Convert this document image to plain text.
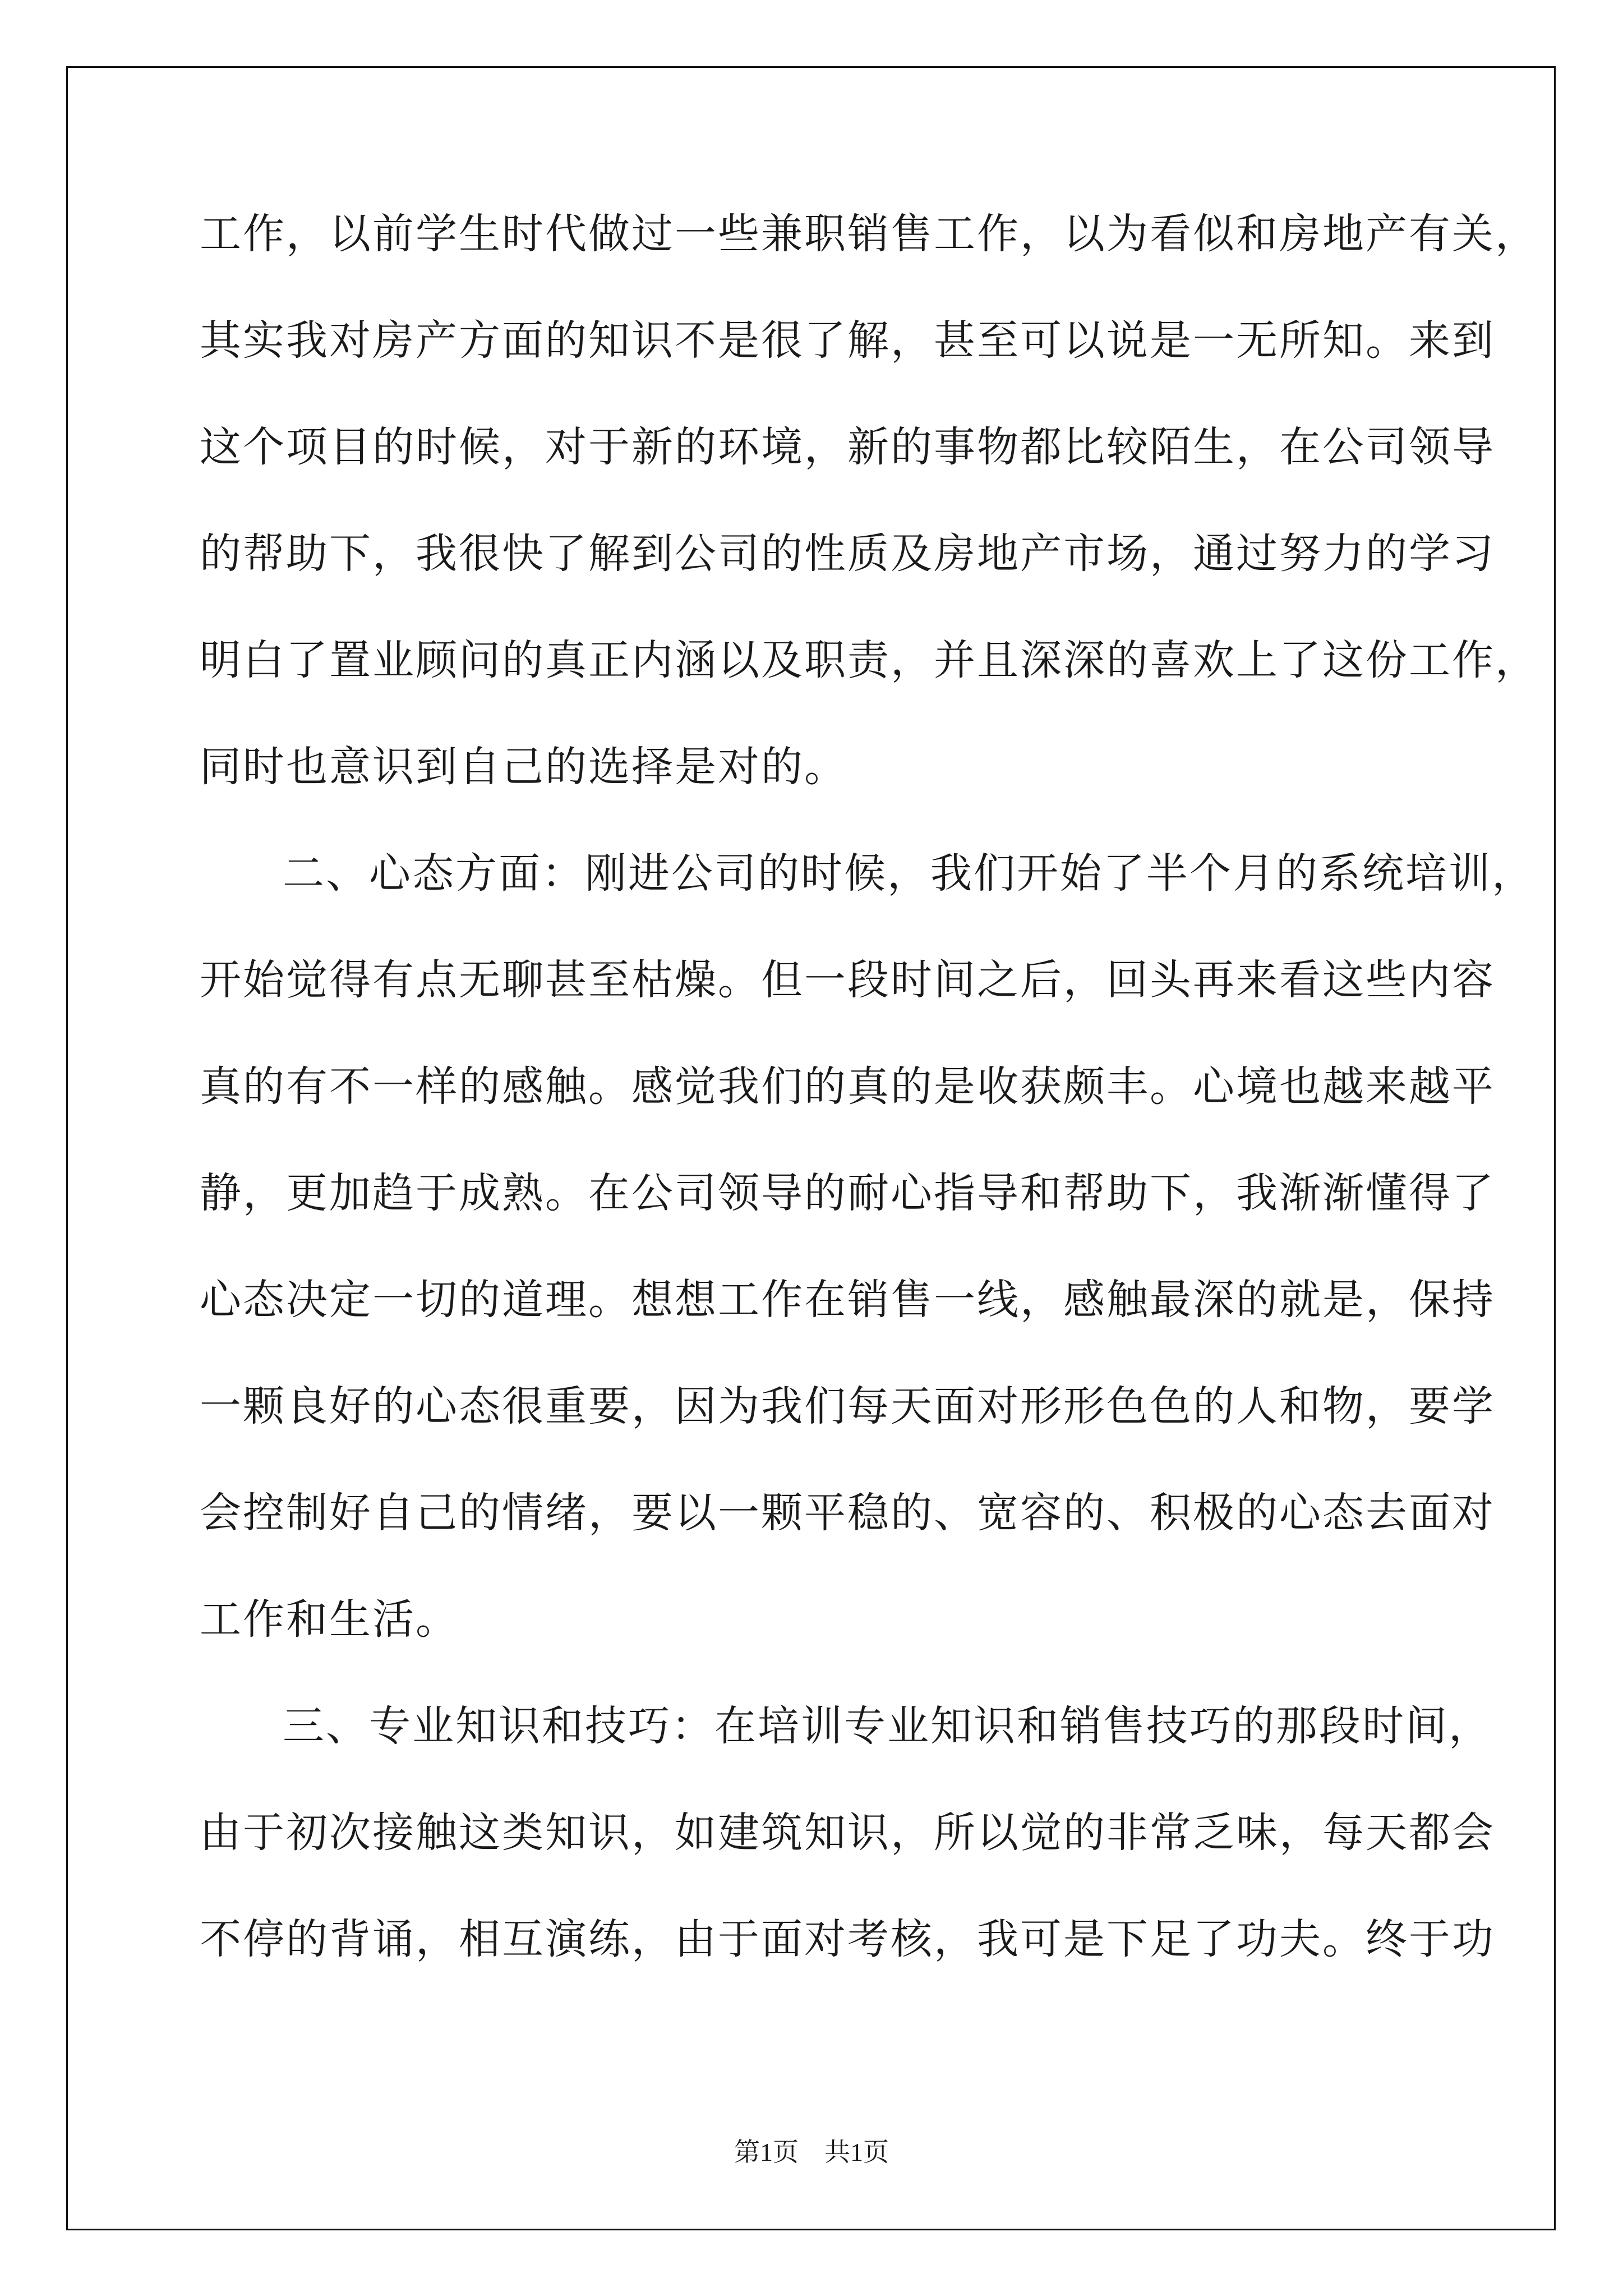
工作，以前学生时代做过一些兼职销售工作，以为看似和房地产有关，
其实我对房产方面的知识不是很了解，甚至可以说是一无所知。来到
这个项目的时候，对于新的环境，新的事物都比较陌生，在公司领导
的帮助下，我很快了解到公司的性质及房地产市场，通过努力的学习
明白了置业顾问的真正内涵以及职责，并且深深的喜欢上了这份工作，
同时也意识到自己的选择是对的。
二、心态方面：刚进公司的时候，我们开始了半个月的系统培训，
开始觉得有点无聊甚至枯燥。但一段时间之后，回头再来看这些内容
真的有不一样的感触。感觉我们的真的是收获颇丰。心境也越来越平
静，更加趋于成熟。在公司领导的耐心指导和帮助下，我渐渐懂得了
心态决定一切的道理。想想工作在销售一线，感触最深的就是，保持
一颗良好的心态很重要，因为我们每天面对形形色色的人和物，要学
会控制好自己的情绪，要以一颗平稳的、宽容的、积极的心态去面对
工作和生活。
三、专业知识和技巧：在培训专业知识和销售技巧的那段时间，
由于初次接触这类知识，如建筑知识，所以觉的非常乏味，每天都会
不停的背诵，相互演练，由于面对考核，我可是下足了功夫。终于功
第1页　共1页
